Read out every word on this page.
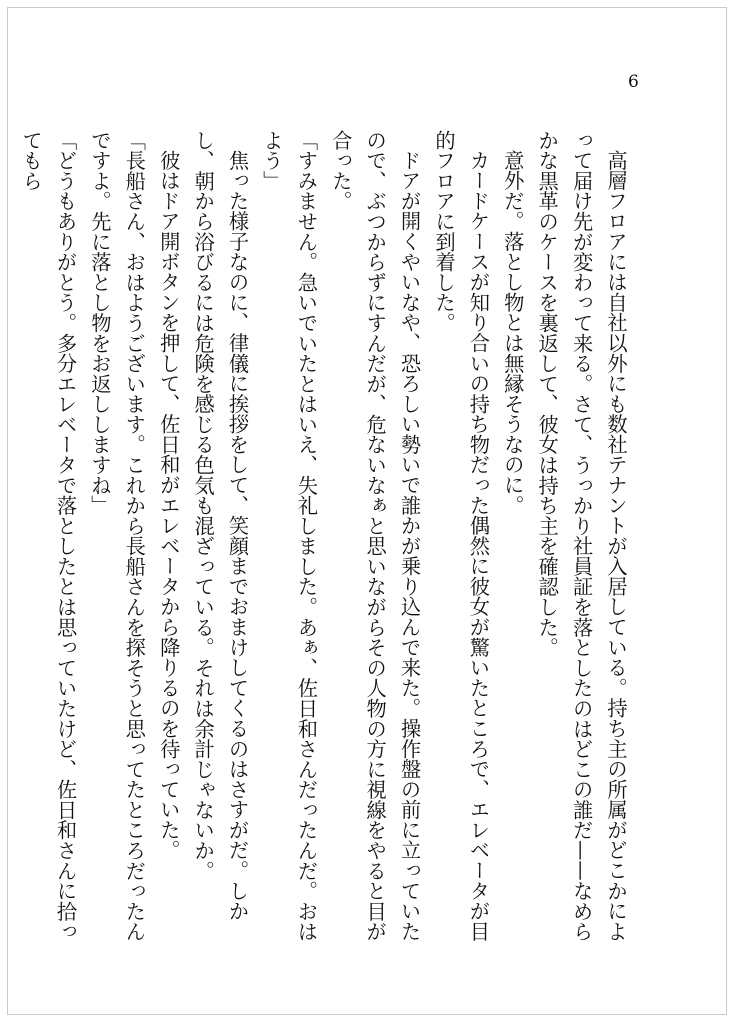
6

高層フロアには自社以外にも数社テナントが入居している。持ち主の所属がどこかによって届け先が変わって来る。さて、うっかり社員証を落としたのはどこの誰だ——なめらかな黒革のケースを裏返して、彼女は持ち主を確認した。

意外だ。落とし物とは無縁そうなのに。

カードケースが知り合いの持ち物だった偶然に彼女が驚いたところで、エレベータが目的フロアに到着した。

ドアが開くやいなや、恐ろしい勢いで誰かが乗り込んで来た。操作盤の前に立っていたので、ぶつからずにすんだが、危ないなぁと思いながらその人物の方に視線をやると目が合った。

「すみません。急いでいたとはいえ、失礼しました。あぁ、佐日和さんだったんだ。おはよう」

焦った様子なのに、律儀に挨拶をして、笑顔までおまけしてくるのはさすがだ。しかし、朝から浴びるには危険を感じる色気も混ざっている。それは余計じゃないか。

彼はドア開ボタンを押して、佐日和がエレベータから降りるのを待っていた。

「長船さん、おはようございます。これから長船さんを探そうと思ってたところだったんですよ。先に落とし物をお返ししますね」

「どうもありがとう。多分エレベータで落としたとは思っていたけど、佐日和さんに拾ってもら
